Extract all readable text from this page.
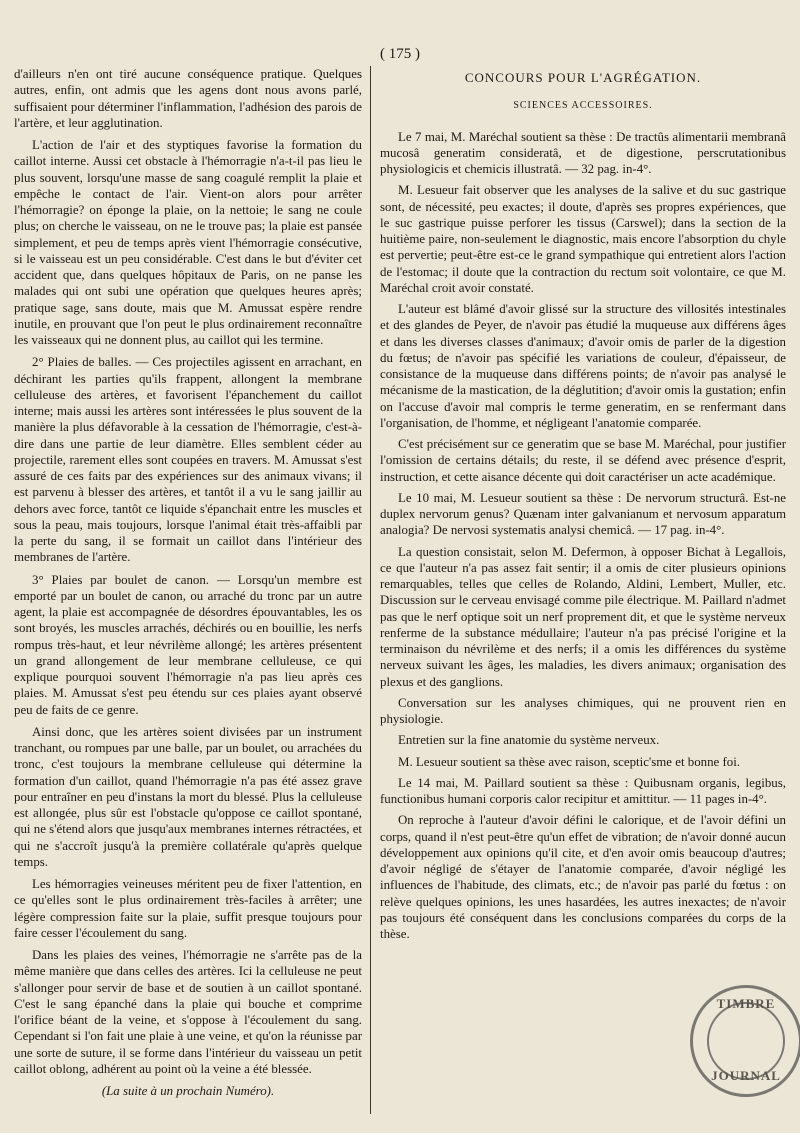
( 175 )

d'ailleurs n'en ont tiré aucune conséquence pratique. Quelques autres, enfin, ont admis que les agens dont nous avons parlé, suffisaient pour déterminer l'inflammation, l'adhésion des parois de l'artère, et leur agglutination.

L'action de l'air et des styptiques favorise la formation du caillot interne. Aussi cet obstacle à l'hémorragie n'a-t-il pas lieu le plus souvent, lorsqu'une masse de sang coagulé remplit la plaie et empêche le contact de l'air. Vient-on alors pour arrêter l'hémorragie? on éponge la plaie, on la nettoie; le sang ne coule plus; on cherche le vaisseau, on ne le trouve pas; la plaie est pansée simplement, et peu de temps après vient l'hémorragie consécutive, si le vaisseau est un peu considérable. C'est dans le but d'éviter cet accident que, dans quelques hôpitaux de Paris, on ne panse les malades qui ont subi une opération que quelques heures après; pratique sage, sans doute, mais que M. Amussat espère rendre inutile, en prouvant que l'on peut le plus ordinairement reconnaître les vaisseaux qui ne donnent plus, au caillot qui les termine.

2° Plaies de balles. — Ces projectiles agissent en arrachant, en déchirant les parties qu'ils frappent, allongent la membrane celluleuse des artères, et favorisent l'épanchement du caillot interne; mais aussi les artères sont intéressées le plus souvent de la manière la plus défavorable à la cessation de l'hémorragie, c'est-à-dire dans une partie de leur diamètre. Elles semblent céder au projectile, rarement elles sont coupées en travers. M. Amussat s'est assuré de ces faits par des expériences sur des animaux vivans; il est parvenu à blesser des artères, et tantôt il a vu le sang jaillir au dehors avec force, tantôt ce liquide s'épanchait entre les muscles et sous la peau, mais toujours, lorsque l'animal était très-affaibli par la perte du sang, il se formait un caillot dans l'intérieur des membranes de l'artère.

3° Plaies par boulet de canon. — Lorsqu'un membre est emporté par un boulet de canon, ou arraché du tronc par un autre agent, la plaie est accompagnée de désordres épouvantables, les os sont broyés, les muscles arrachés, déchirés ou en bouillie, les nerfs rompus très-haut, et leur névrilème allongé; les artères présentent un grand allongement de leur membrane celluleuse, ce qui explique pourquoi souvent l'hémorragie n'a pas lieu après ces plaies. M. Amussat s'est peu étendu sur ces plaies ayant observé peu de faits de ce genre.

Ainsi donc, que les artères soient divisées par un instrument tranchant, ou rompues par une balle, par un boulet, ou arrachées du tronc, c'est toujours la membrane celluleuse qui détermine la formation d'un caillot, quand l'hémorragie n'a pas été assez grave pour entraîner en peu d'instans la mort du blessé. Plus la celluleuse est allongée, plus sûr est l'obstacle qu'oppose ce caillot spontané, qui ne s'étend alors que jusqu'aux membranes internes rétractées, et qui ne s'accroît jusqu'à la première collatérale qu'après quelque temps.

Les hémorragies veineuses méritent peu de fixer l'attention, en ce qu'elles sont le plus ordinairement très-faciles à arrêter; une légère compression faite sur la plaie, suffit presque toujours pour faire cesser l'écoulement du sang.

Dans les plaies des veines, l'hémorragie ne s'arrête pas de la même manière que dans celles des artères. Ici la celluleuse ne peut s'allonger pour servir de base et de soutien à un caillot spontané. C'est le sang épanché dans la plaie qui bouche et comprime l'orifice béant de la veine, et s'oppose à l'écoulement du sang. Cependant si l'on fait une plaie à une veine, et qu'on la réunisse par une sorte de suture, il se forme dans l'intérieur du vaisseau un petit caillot oblong, adhérent au point où la veine a été blessée.

(La suite à un prochain Numéro).

CONCOURS POUR L'AGRÉGATION.
SCIENCES ACCESSOIRES.

Le 7 mai, M. Maréchal soutient sa thèse : De tractûs alimentarii membranâ mucosâ generatim consideratâ, et de digestione, perscrutationibus physiologicis et chemicis illustratâ. — 32 pag. in-4°.

M. Lesueur fait observer que les analyses de la salive et du suc gastrique sont, de nécessité, peu exactes; il doute, d'après ses propres expériences, que le suc gastrique puisse perforer les tissus (Carswel); dans la section de la huitième paire, non-seulement le diagnostic, mais encore l'absorption du chyle est pervertie; peut-être est-ce le grand sympathique qui entretient alors l'action de l'estomac; il doute que la contraction du rectum soit volontaire, ce que M. Maréchal croit avoir constaté.

L'auteur est blâmé d'avoir glissé sur la structure des villosités intestinales et des glandes de Peyer, de n'avoir pas étudié la muqueuse aux différens âges et dans les diverses classes d'animaux; d'avoir omis de parler de la digestion du fœtus; de n'avoir pas spécifié les variations de couleur, d'épaisseur, de consistance de la muqueuse dans différens points; de n'avoir pas analysé le mécanisme de la mastication, de la déglutition; d'avoir omis la gustation; enfin on l'accuse d'avoir mal compris le terme generatim, en se renfermant dans l'organisation, de l'homme, et négligeant l'anatomie comparée.

C'est précisément sur ce generatim que se base M. Maréchal, pour justifier l'omission de certains détails; du reste, il se défend avec présence d'esprit, instruction, et cette aisance décente qui doit caractériser un acte académique.

Le 10 mai, M. Lesueur soutient sa thèse : De nervorum structurâ. Est-ne duplex nervorum genus? Quænam inter galvanianum et nervosum apparatum analogia? De nervosi systematis analysi chemicâ. — 17 pag. in-4°.

La question consistait, selon M. Defermon, à opposer Bichat à Legallois, ce que l'auteur n'a pas assez fait sentir; il a omis de citer plusieurs opinions remarquables, telles que celles de Rolando, Aldini, Lembert, Muller, etc. Discussion sur le cerveau envisagé comme pile électrique. M. Paillard n'admet pas que le nerf optique soit un nerf proprement dit, et que le système nerveux renferme de la substance médullaire; l'auteur n'a pas précisé l'origine et la terminaison du névrilème et des nerfs; il a omis les différences du système nerveux suivant les âges, les maladies, les divers animaux; organisation des plexus et des ganglions.

Conversation sur les analyses chimiques, qui ne prouvent rien en physiologie.

Entretien sur la fine anatomie du système nerveux.

M. Lesueur soutient sa thèse avec raison, sceptic'sme et bonne foi.

Le 14 mai, M. Paillard soutient sa thèse : Quibusnam organis, legibus, functionibus humani corporis calor recipitur et amittitur. — 11 pages in-4°.

On reproche à l'auteur d'avoir défini le calorique, et de l'avoir défini un corps, quand il n'est peut-être qu'un effet de vibration; de n'avoir donné aucun développement aux opinions qu'il cite, et d'en avoir omis beaucoup d'autres; d'avoir négligé de s'étayer de l'anatomie comparée, d'avoir négligé les influences de l'habitude, des climats, etc.; de n'avoir pas parlé du fœtus : on relève quelques opinions, les unes hasardées, les autres inexactes; de n'avoir pas toujours été conséquent dans les conclusions comparées du corps de la thèse.

TIMBRE
JOURNAL
